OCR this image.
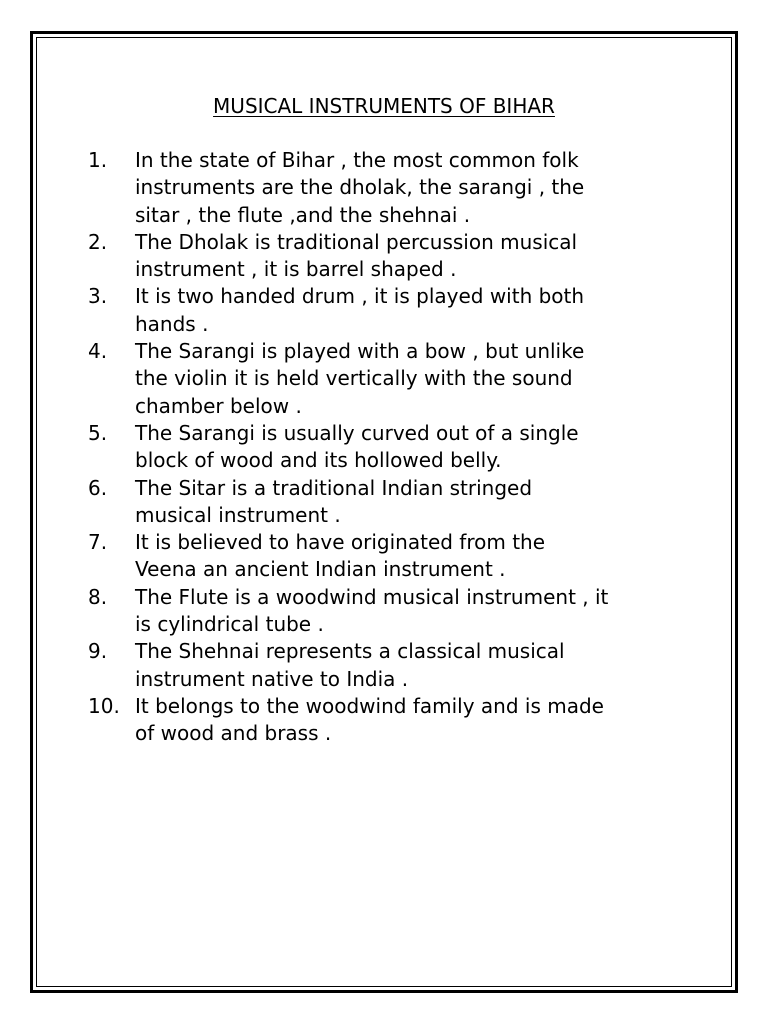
MUSICAL INSTRUMENTS OF BIHAR
1.	In the state of Bihar , the most common folk
instruments are the dholak, the sarangi , the
sitar , the flute ,and the shehnai .
2.	The Dholak is traditional percussion musical
instrument , it is barrel shaped .
3.	It is two handed drum , it is played with both
hands .
4.	The Sarangi is played with a bow , but unlike
the violin it is held vertically with the sound
chamber below .
5.	The Sarangi is usually curved out of a single
block of wood and its hollowed belly.
6.	The Sitar is a traditional Indian stringed
musical instrument .
7.	It is believed to have originated from the
Veena an ancient Indian instrument .
8.	The Flute is a woodwind musical instrument , it
is cylindrical tube .
9.	The Shehnai represents a classical musical
instrument native to India .
10. It belongs to the woodwind family and is made
of wood and brass .
